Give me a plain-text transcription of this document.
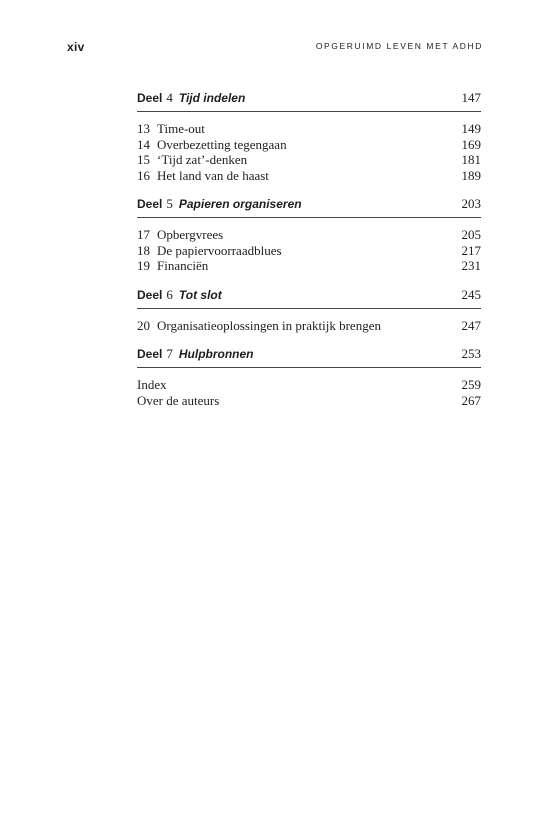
xiv	OPGERUIMD LEVEN MET ADHD
Deel 4 Tijd indelen	147
13 Time-out	149
14 Overbezetting tegengaan	169
15 ‘Tijd zat’-denken	181
16 Het land van de haast	189
Deel 5 Papieren organiseren	203
17 Opbergvrees	205
18 De papiervoorraadblues	217
19 Financiën	231
Deel 6 Tot slot	245
20 Organisatieoplossingen in praktijk brengen	247
Deel 7 Hulpbronnen	253
Index	259
Over de auteurs	267
